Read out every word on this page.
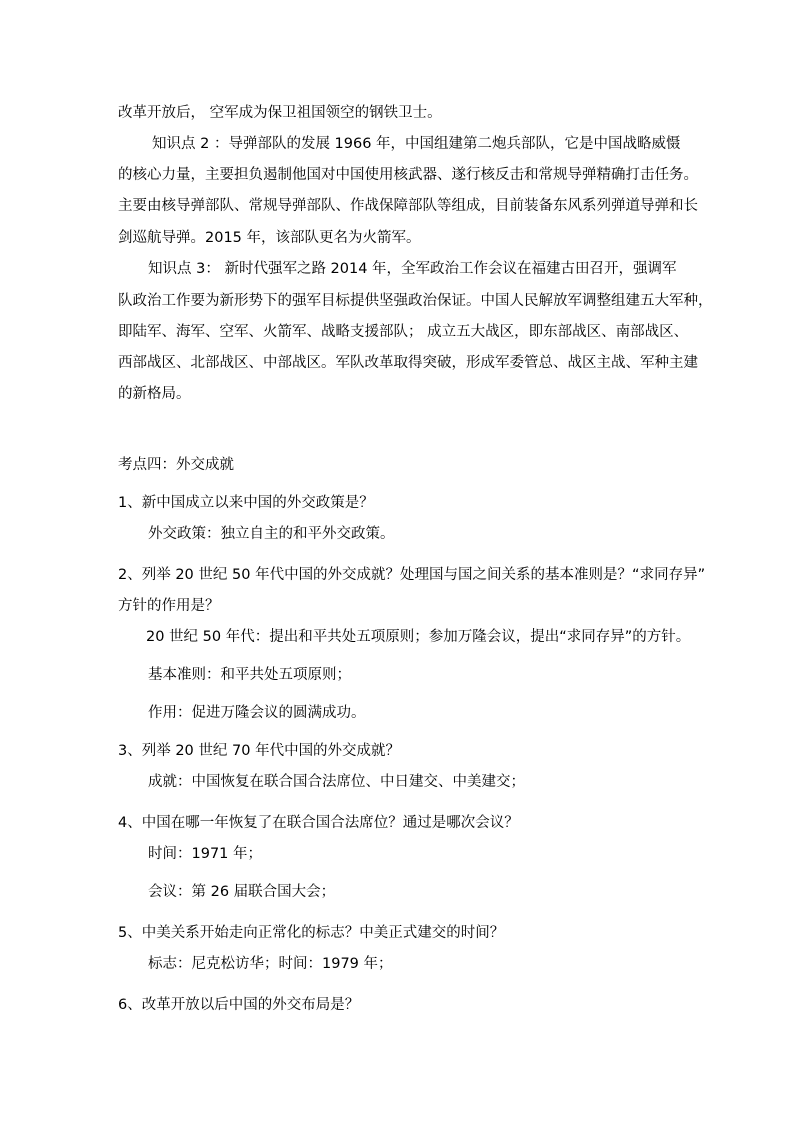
改革开放后， 空军成为保卫祖国领空的钢铁卫士。
知识点 2 ：导弹部队的发展 1966 年，中国组建第二炮兵部队，它是中国战略威慑
的核心力量，主要担负遏制他国对中国使用核武器、遂行核反击和常规导弹精确打击任务。
主要由核导弹部队、常规导弹部队、作战保障部队等组成，目前装备东风系列弹道导弹和长
剑巡航导弹。2015 年，该部队更名为火箭军。
知识点 3： 新时代强军之路 2014 年，全军政治工作会议在福建古田召开，强调军
队政治工作要为新形势下的强军目标提供坚强政治保证。中国人民解放军调整组建五大军种，
即陆军、海军、空军、火箭军、战略支援部队； 成立五大战区，即东部战区、南部战区、
西部战区、北部战区、中部战区。军队改革取得突破，形成军委管总、战区主战、军种主建
的新格局。
考点四：外交成就
1、新中国成立以来中国的外交政策是？
外交政策：独立自主的和平外交政策。
2、列举 20 世纪 50 年代中国的外交成就？处理国与国之间关系的基本准则是？“求同存异”
方针的作用是？
20 世纪 50 年代：提出和平共处五项原则；参加万隆会议，提出“求同存异”的方针。
基本准则：和平共处五项原则；
作用：促进万隆会议的圆满成功。
3、列举 20 世纪 70 年代中国的外交成就？
成就：中国恢复在联合国合法席位、中日建交、中美建交；
4、中国在哪一年恢复了在联合国合法席位？通过是哪次会议？
时间：1971 年；
会议：第 26 届联合国大会；
5、中美关系开始走向正常化的标志？中美正式建交的时间？
标志：尼克松访华；时间：1979 年；
6、改革开放以后中国的外交布局是？
